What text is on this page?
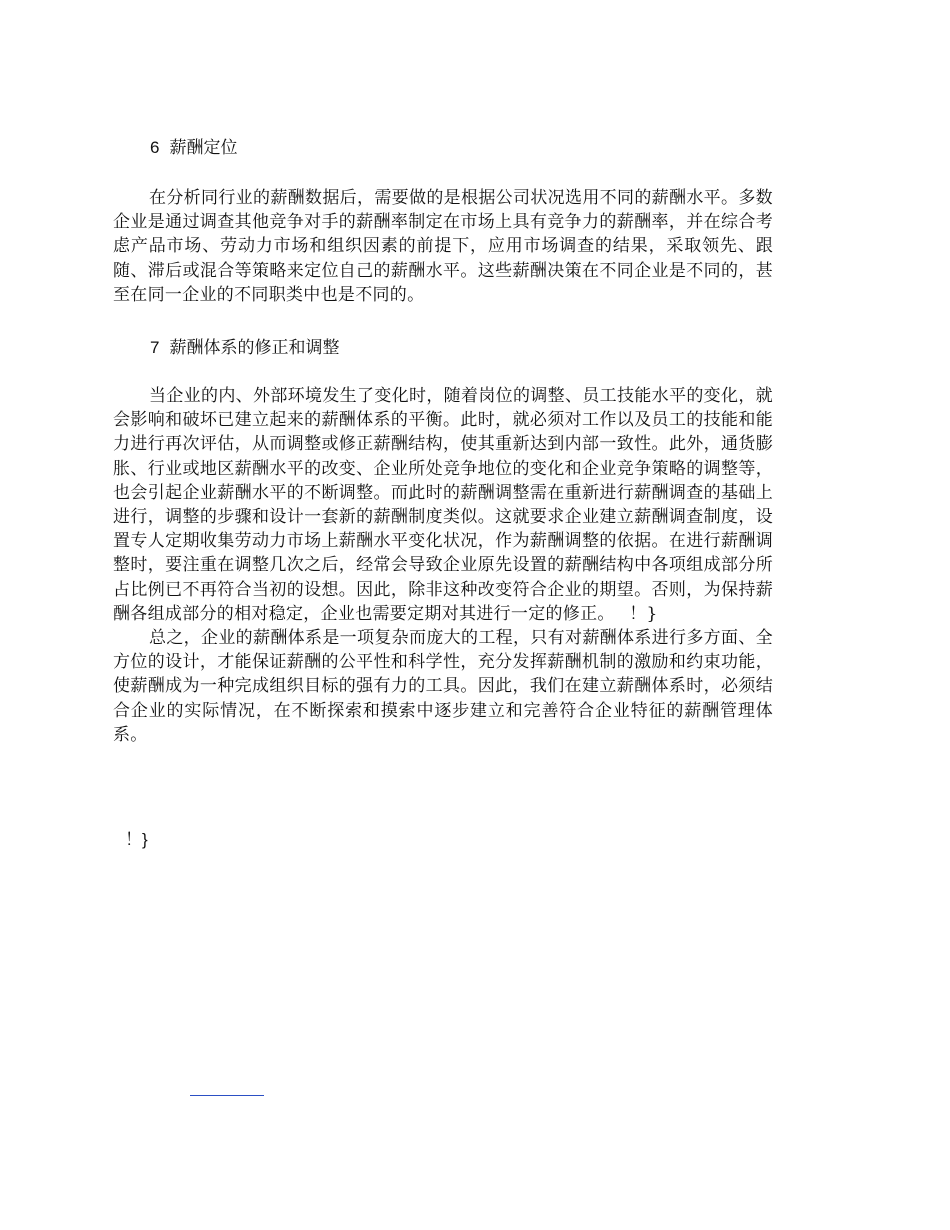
6 薪酬定位

在分析同行业的薪酬数据后，需要做的是根据公司状况选用不同的薪酬水平。多数企业是通过调查其他竞争对手的薪酬率制定在市场上具有竞争力的薪酬率，并在综合考虑产品市场、劳动力市场和组织因素的前提下，应用市场调查的结果，采取领先、跟随、滞后或混合等策略来定位自己的薪酬水平。这些薪酬决策在不同企业是不同的，甚至在同一企业的不同职类中也是不同的。

7 薪酬体系的修正和调整

当企业的内、外部环境发生了变化时，随着岗位的调整、员工技能水平的变化，就会影响和破坏已建立起来的薪酬体系的平衡。此时，就必须对工作以及员工的技能和能力进行再次评估，从而调整或修正薪酬结构，使其重新达到内部一致性。此外，通货膨胀、行业或地区薪酬水平的改变、企业所处竞争地位的变化和企业竞争策略的调整等，也会引起企业薪酬水平的不断调整。而此时的薪酬调整需在重新进行薪酬调查的基础上进行，调整的步骤和设计一套新的薪酬制度类似。这就要求企业建立薪酬调查制度，设置专人定期收集劳动力市场上薪酬水平变化状况，作为薪酬调整的依据。在进行薪酬调整时，要注重在调整几次之后，经常会导致企业原先设置的薪酬结构中各项组成部分所占比例已不再符合当初的设想。因此，除非这种改变符合企业的期望。否则，为保持薪酬各组成部分的相对稳定，企业也需要定期对其进行一定的修正。　 ！}

总之，企业的薪酬体系是一项复杂而庞大的工程，只有对薪酬体系进行多方面、全方位的设计，才能保证薪酬的公平性和科学性，充分发挥薪酬机制的激励和约束功能，使薪酬成为一种完成组织目标的强有力的工具。因此，我们在建立薪酬体系时，必须结合企业的实际情况，在不断探索和摸索中逐步建立和完善符合企业特征的薪酬管理体系。

！}
